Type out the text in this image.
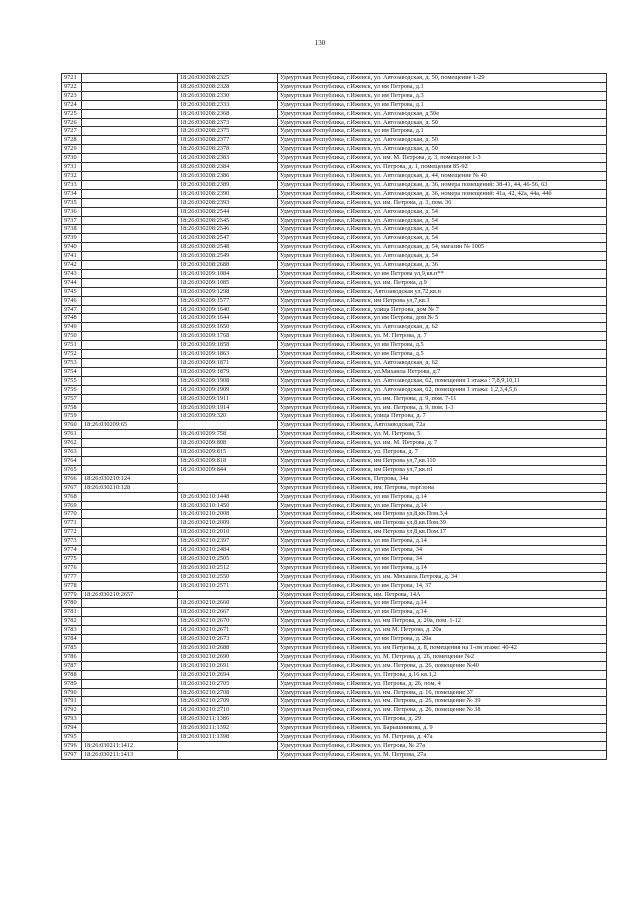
130
9721		18:26:030208:2325	Удмуртская Республика, г.Ижевск, ул. Автозаводская, д. 50, помещение 1-29
9722		18:26:030208:2328	Удмуртская Республика, г.Ижевск, ул им Петрова, д.1
9723		18:26:030208:2330	Удмуртская Республика, г.Ижевск, ул им Петрова, д.3
9724		18:26:030208:2333	Удмуртская Республика, г.Ижевск, ул им Петрова, д.1
9725		18:26:030208:2368	Удмуртская Республика, г.Ижевск, ул. Автозаводская, д 50е
9726		18:26:030208:2373	Удмуртская Республика, г.Ижевск, ул. Автозаводская, д. 50
9727		18:26:030208:2375	Удмуртская Республика, г.Ижевск, ул им Петрова, д.1
9728		18:26:030208:2377	Удмуртская Республика, г.Ижевск, ул. Автозаводская, д. 50
9729		18:26:030208:2378	Удмуртская Республика, г.Ижевск, ул. Автозаводская, д. 50
9730		18:26:030208:2383	Удмуртская Республика, г.Ижевск, ул. им. М. Петрова, д. 3, помещения 1-3
9731		18:26:030208:2384	Удмуртская Республика, г.Ижевск, ул. Петрова, д. 1, помещения 85-92
9732		18:26:030208:2386	Удмуртская Республика, г.Ижевск, ул. Автозаводская, д. 44, помещение № 40
9733		18:26:030208:2389	Удмуртская Республика, г.Ижевск, ул. Автозаводская, д. 36, номера помещений: 38-41, 44, 46-56, 63
9734		18:26:030208:2390	Удмуртская Республика, г.Ижевск, ул. Автозаводская, д. 36, номера помещений: 41а, 42, 42а, 44а, 44б
9735		18:26:030208:2393	Удмуртская Республика, г.Ижевск, ул. им. Петрова, д. 3, пом. 36
9736		18:26:030208:2544	Удмуртская Республика, г.Ижевск, ул. Автозаводская, д. 54
9737		18:26:030208:2545	Удмуртская Республика, г.Ижевск, ул. Автозаводская, д. 54
9738		18:26:030208:2546	Удмуртская Республика, г.Ижевск, ул. Автозаводская, д. 54
9739		18:26:030208:2547	Удмуртская Республика, г.Ижевск, ул. Автозаводская, д. 54
9740		18:26:030208:2548	Удмуртская Республика, г.Ижевск, ул. Автозаводская, д. 54, магазин № 1005
9741		18:26:030208:2549	Удмуртская Республика, г.Ижевск, ул. Автозаводская, д. 54
9742		18:26:030208:2688	Удмуртская Республика, г.Ижевск, ул. Автозаводская, д. 36
9743		18:26:030209:1084	Удмуртская Республика, г.Ижевск, ул им Петрова ул,9,кв.п**
9744		18:26:030209:1085	Удмуртская Республика, г.Ижевск, ул. им. Петрова, д.9
9745		18:26:030209:1298	Удмуртская Республика, г.Ижевск, Автозаводская ул,72,кв.п
9746		18:26:030209:1577	Удмуртская Республика, г.Ижевск, им Петрова ул,7,кв.1
9747		18:26:030209:1640	Удмуртская Республика, г.Ижевск, улица Петрова, дом № 7
9748		18:26:030209:1644	Удмуртская Республика, г.Ижевск, ул им Петрова, дом № 5
9749		18:26:030209:1650	Удмуртская Республика, г.Ижевск, ул. Автозаводская, д. 62
9750		18:26:030209:1768	Удмуртская Республика, г.Ижевск, ул. М. Петрова, д. 7
9751		18:26:030209:1858	Удмуртская Республика, г.Ижевск, ул им Петрова, д.5
9752		18:26:030209:1863	Удмуртская Республика, г.Ижевск, ул им Петрова, д.5
9753		18:26:030209:1871	Удмуртская Республика, г.Ижевск, ул. Автозаводская, д. 62
9754		18:26:030209:1879	Удмуртская Республика, г.Ижевск, ул.Михаила Петрова, д.7
9755		18:26:030209:1908	Удмуртская Республика, г.Ижевск, ул. Автозаводская, 62, помещения 1 этажа : 7,8,9,10,11
9756		18:26:030209:1909	Удмуртская Республика, г.Ижевск, ул. Автозаводская, 62, помещения 1 этажа: 1,2,3,4,5,6
9757		18:26:030209:1911	Удмуртская Республика, г.Ижевск, ул. им. Петрова, д. 9, пом. 7-11
9758		18:26:030209:1914	Удмуртская Республика, г.Ижевск, ул. им. Петрова, д. 9, пом. 1-3
9759		18:26:030209:320	Удмуртская Республика, г.Ижевск, улица Петрова, д. 7
9760	18:26:030209:65		Удмуртская Республика, г.Ижевск, Автозаводская, 72а
9761		18:26:030209:758	Удмуртская Республика, г.Ижевск, ул. М. Петрова, 5
9762		18:26:030209:808	Удмуртская Республика, г.Ижевск, ул. им. М. Петрова, д. 7
9763		18:26:030209:815	Удмуртская Республика, г.Ижевск, ул. Петрова, д. 7
9764		18:26:030209:818	Удмуртская Республика, г.Ижевск, им Петрова ул,7,кв.110
9765		18:26:030209:844	Удмуртская Республика, г.Ижевск, им Петрова ул,7,кв.п1
9766	18:26:030210:124		Удмуртская Республика, г.Ижевск, Петрова, 34а
9767	18:26:030210:128		Удмуртская Республика, г.Ижевск, им. Петрова, торг.зона
9768		18:26:030210:1448	Удмуртская Республика, г.Ижевск, ул им Петрова, д.14
9769		18:26:030210:1450	Удмуртская Республика, г.Ижевск, ул им Петрова, д.14
9770		18:26:030210:2008	Удмуртская Республика, г.Ижевск, им Петрова ул,8,кв.Пом.3,4
9771		18:26:030210:2009	Удмуртская Республика, г.Ижевск, им Петрова ул,8,кв.Пом.39
9772		18:26:030210:2010	Удмуртская Республика, г.Ижевск, им Петрова ул,8,кв.Пом.17
9773		18:26:030210:2397	Удмуртская Республика, г.Ижевск, ул им Петрова, д.14
9774		18:26:030210:2484	Удмуртская Республика, г.Ижевск, ул им Петрова, 34
9775		18:26:030210:2505	Удмуртская Республика, г.Ижевск, ул им Петрова, 34
9776		18:26:030210:2512	Удмуртская Республика, г.Ижевск, ул им Петрова, д.14
9777		18:26:030210:2550	Удмуртская Республика, г.Ижевск, ул. им. Михаила Петрова, д. 34
9778		18:26:030210:2571	Удмуртская Республика, г.Ижевск, ул им Петрова, 14, 37
9779	18:26:030210:2657		Удмуртская Республика, г.Ижевск, им. Петрова, 14А
9780		18:26:030210:2660	Удмуртская Республика, г.Ижевск, ул им Петрова, д.14
9781		18:26:030210:2667	Удмуртская Республика, г.Ижевск, ул им Петрова, д.14
9782		18:26:030210:2670	Удмуртская Республика, г.Ижевск, ул. им Петрова, д. 20а, пом. 1-12
9783		18:26:030210:2671	Удмуртская Республика, г.Ижевск, ул. им М. Петрова, д. 20а
9784		18:26:030210:2673	Удмуртская Республика, г.Ижевск, ул им Петрова, д. 20а
9785		18:26:030210:2688	Удмуртская Республика, г.Ижевск, ул. им Петрова, д. 8, помещения на 1-ом этаже: 40-42
9786		18:26:030210:2690	Удмуртская Республика, г.Ижевск, ул. М. Петрова, д. 26, помещение №2
9787		18:26:030210:2691	Удмуртская Республика, г.Ижевск, ул. им. Петрова, д. 26, помещение №40
9788		18:26:030210:2694	Удмуртская Республика, г.Ижевск, ул. Петрова, д.16 кв.1,2
9789		18:26:030210:2705	Удмуртская Республика, г.Ижевск, ул. Петрова, д. 26, пом. 4
9790		18:26:030210:2708	Удмуртская Республика, г.Ижевск, ул. им. Петрова, д. 16, помещение 37
9791		18:26:030210:2709	Удмуртская Республика, г.Ижевск, ул. им. Петрова, д. 26, помещение № 39
9792		18:26:030210:2710	Удмуртская Республика, г.Ижевск, ул. им. Петрова, д. 26, помещение № 38
9793		18:26:030211:1386	Удмуртская Республика, г.Ижевск, ул. Петрова, д. 29
9794		18:26:030211:1392	Удмуртская Республика, г.Ижевск, ул. Барышникова, д. 9
9795		18:26:030211:1398	Удмуртская Республика, г.Ижевск, ул. М. Петрова, д. 47а
9796	18:26:030211:1412		Удмуртская Республика, г.Ижевск, ул. Петрова, № 27а
9797	18:26:030211:1413		Удмуртская Республика, г.Ижевск, ул. М. Петрова, 27а
